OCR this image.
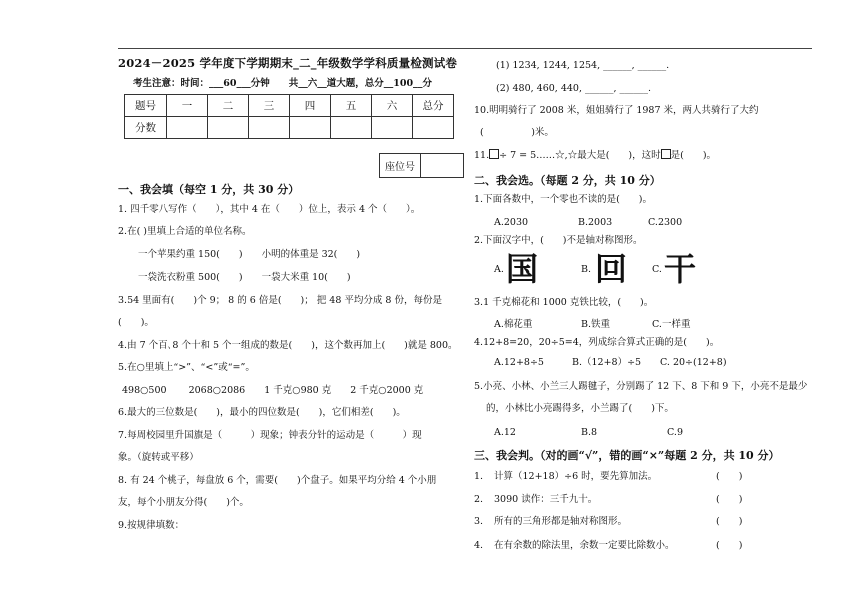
2024－2025 学年度下学期期末_二_年级数学学科质量检测试卷
考生注意：时间：___60___分钟　　共__六__道大题，总分__100__分
题号	一	二	三	四	五	六	总分
分数							
座位号	
一、我会填（每空 1 分，共 30 分）
1. 四千零八写作（　　），其中 4 在（　　）位上，表示 4 个（　　）。
2.在( )里填上合适的单位名称。
一个苹果约重 150(　　)　　小明的体重是 32(　　)
一袋洗衣粉重 500(　　)　　一袋大米重 10(　　)
3.54 里面有(　　)个 9； 8 的 6 倍是(　　)； 把 48 平均分成 8 份，每份是
(　　)。
4.由 7 个百､8 个十和 5 个一组成的数是(　　)，这个数再加上(　　)就是 800。
5.在○里填上“>”、“<”或“=”。
498○500　　 2068○2086　　1 千克○980 克　　2 千克○2000 克
6.最大的三位数是(　　)，最小的四位数是(　　)，它们相差(　　)。
7.每周校园里升国旗是（　　　）现象；钟表分针的运动是（　　　）现
象。（旋转或平移）
8. 有 24 个桃子，每盘放 6 个，需要(　　)个盘子。如果平均分给 4 个小朋
友，每个小朋友分得(　　)个。
9.按规律填数：
(1) 1234, 1244, 1254, ______, ______.
(2) 480, 460, 440, ______, ______.
10.明明骑行了 2008 米，姐姐骑行了 1987 米，两人共骑行了大约
(　　　　　)米。
11. ÷ 7 = 5……☆,☆最大是(　　)，这时 是(　　)。
二、我会选。（每题 2 分，共 10 分）
1.下面各数中，一个零也不读的是(　　)。
A.2030	B.2003	C.2300
2.下面汉字中，(　　)不是轴对称图形。
A. 国	B. 回	C. 干
3.1 千克棉花和 1000 克铁比较，(　　)。
A.棉花重	B.铁重	C.一样重
4.12+8=20，20÷5=4，列成综合算式正确的是(　　)。
A.12+8÷5	B.（12+8）÷5 C. 20÷(12+8)
5.小亮、小林、小兰三人踢毽子，分别踢了 12 下、8 下和 9 下，小亮不是最少
的，小林比小亮踢得多，小兰踢了(　　)下。
A.12	B.8	C.9
三、我会判。（对的画“√”，错的画“×”每题 2 分，共 10 分）
1. 计算（12+18）÷6 时，要先算加法。	(　　)
2. 3090 读作：三千九十。	(　　)
3. 所有的三角形都是轴对称图形。	(　　)
4. 在有余数的除法里，余数一定要比除数小。	(　　)
